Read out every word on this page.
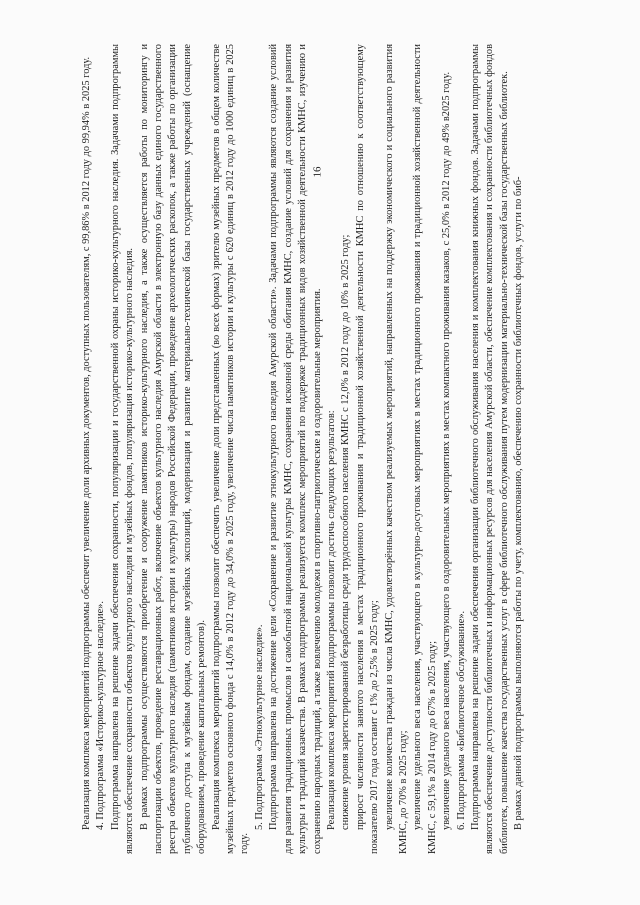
16

Реализация комплекса мероприятий подпрограммы обеспечит увеличение доли архивных документов, доступных пользователям, с 99,86% в 2012 году до 99,94% в 2025 году. 4. Подпрограмма «Историко-культурное наследие». Подпрограмма направлена на решение задачи обеспечения сохранности, популяризации и государственной охраны историко-культурного наследия. Задачами подпрограммы являются обеспечение сохранности объектов культурного наследия и музейных фондов, популяризация историко-культурного наследия. В рамках подпрограммы осуществляются приобретение и сооружение памятников историко-культурного наследия, а также осуществляется работы по мониторингу и паспортизации объектов, проведение реставрационных работ, включение объектов культурного наследия Амурской области в электронную базу данных единого государственного реестра объектов культурного наследия (памятников истории и культуры) народов Российской Федерации, проведение археологических раскопок, а также работы по организации публичного доступа к музейным фондам, создание музейных экспозиций, модернизация и развитие материально-технической базы государственных учреждений (оснащение оборудованием, проведение капитальных ремонтов). Реализация комплекса мероприятий подпрограммы позволит обеспечить увеличение доли представленных (во всех формах) зрителю музейных предметов в общем количестве музейных предметов основного фонда с 14,0% в 2012 году до 34,0% в 2025 году, увеличение числа памятников истории и культуры с 620 единиц в 2012 году до 1000 единиц в 2025 году.

5. Подпрограмма «Этнокультурное наследие». Подпрограмма направлена на достижение цели «Сохранение и развитие этнокультурного наследия Амурской области». Задачами подпрограммы являются создание условий для развития традиционных промыслов и самобытной национальной культуры КМНС, сохранения исконной среды обитания КМНС, создание условий для сохранения и развития культуры и традиций казачества. В рамках подпрограммы реализуется комплекс мероприятий по поддержке традиционных видов хозяйственной деятельности КМНС, изучению и сохранению народных традиций, а также вовлечению молодежи в спортивно-патриотические и оздоровительные мероприятия. Реализация комплекса мероприятий подпрограммы позволит достичь следующих результатов: снижение уровня зарегистрированной безработицы среди трудоспособного населения КМНС с 12,0% в 2012 году до 10% в 2025 году; прирост численности занятого населения в местах традиционного проживания и традиционной хозяйственной деятельности КМНС по отношению к соответствующему показателю 2017 года составит с 1% до 2,5% в 2025 году; увеличение количества граждан из числа КМНС, удовлетворённых качеством реализуемых мероприятий, направленных на поддержку экономического и социального развития КМНС, до 70% в 2025 году; увеличение удельного веса населения, участвующего в культурно-досуговых мероприятиях в местах традиционного проживания и традиционной хозяйственной деятельности КМНС, с 59,1% в 2014 году до 67% в 2025 году; увеличение удельного веса населения, участвующего в оздоровительных мероприятиях в местах компактного проживания казаков, с 25,0% в 2012 году до 49% в2025 году. 6. Подпрограмма «Библиотечное обслуживание». Подпрограмма направлена на решение задачи обеспечения организации библиотечного обслуживания населения и комплектования книжных фондов. Задачами подпрограммы являются обеспечение доступности библиотечных и информационных ресурсов для населения Амурской области, обеспечение комплектования и сохранности библиотечных фондов библиотек, повышение качества государственных услуг в сфере библиотечного обслуживания путем модернизации материально-технической базы государственных библиотек. В рамках данной подпрограммы выполняются работы по учету, комплектованию, обеспечению сохранности библиотечных фондов, услуги по биб-
